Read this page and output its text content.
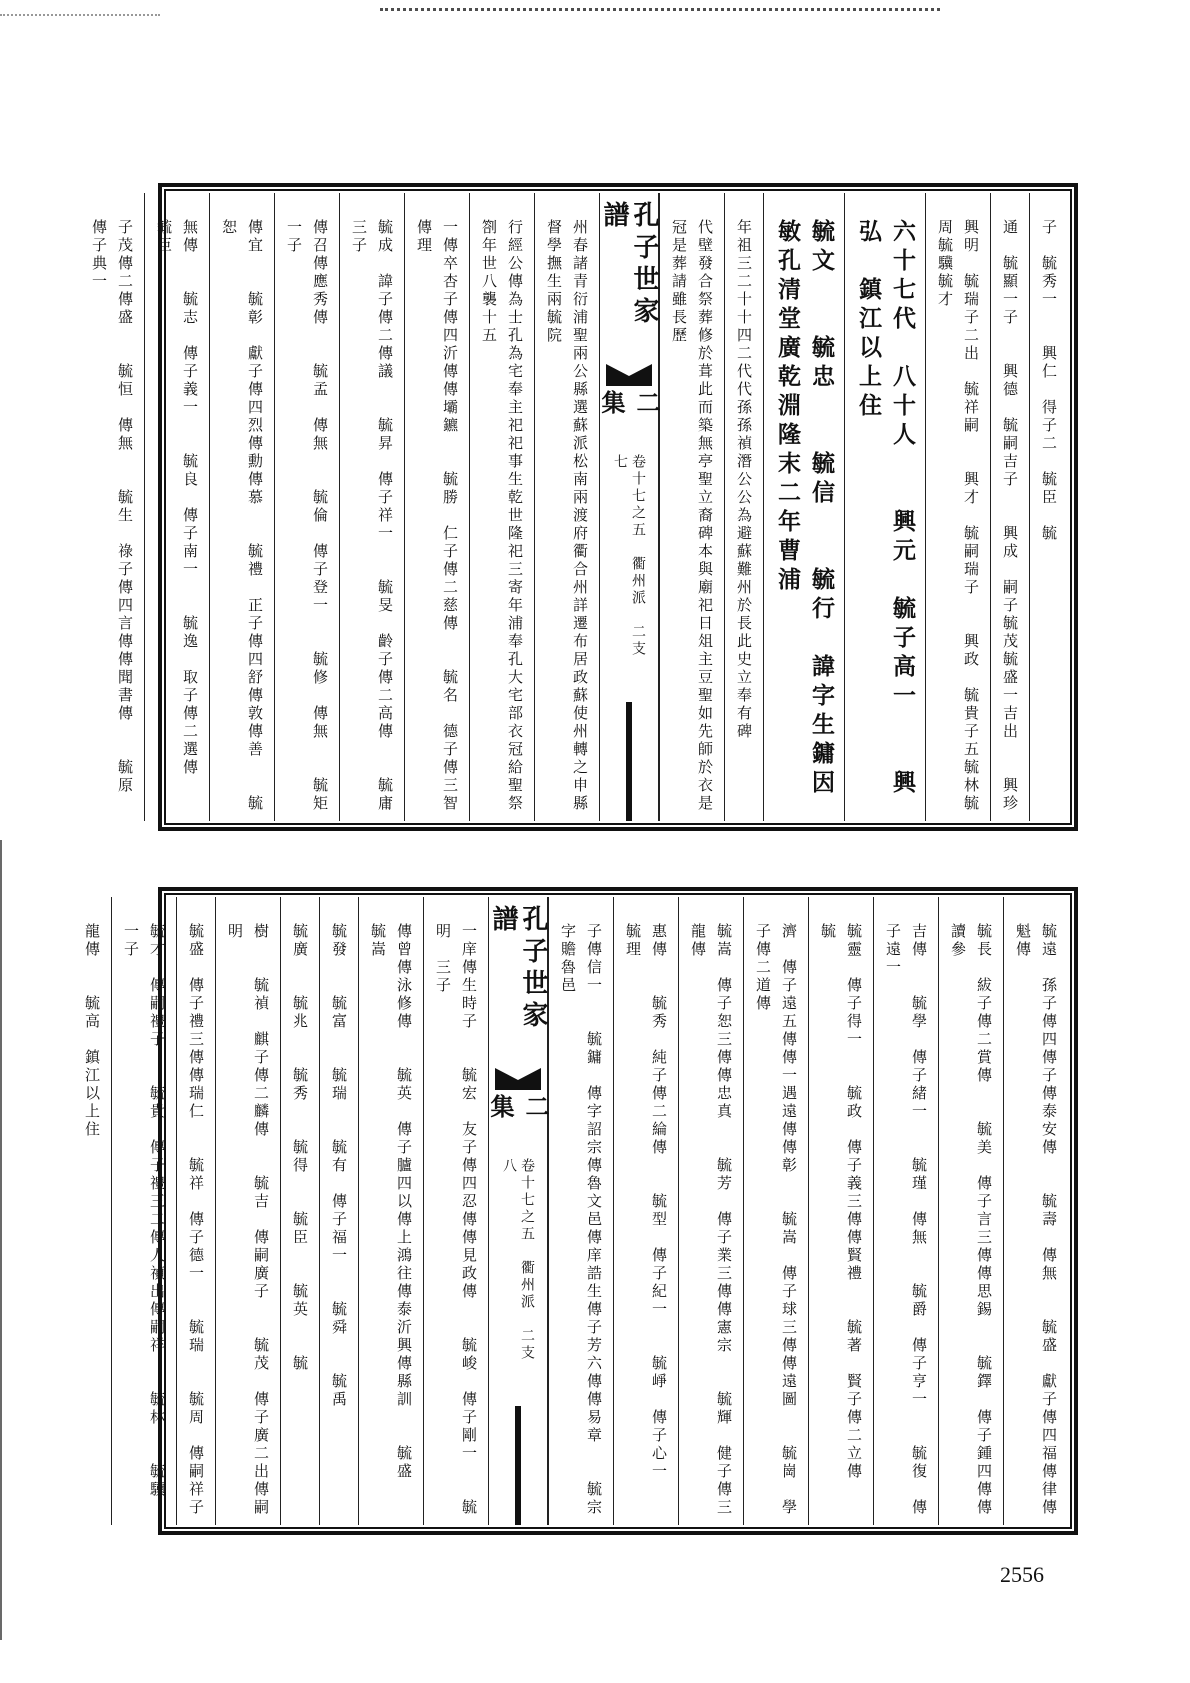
子　毓秀一　　興仁　得子二　毓臣　毓
通　毓顯一子　　興德　毓嗣吉子　　興成　嗣子毓茂毓盛一吉出　　興珍
興明　毓瑞子二出　毓祥嗣　　興才　毓嗣瑞子　　興政　毓貴子五毓林毓周毓驥毓才
六十七代　八十人　　興元　毓子高一　　興弘　鎮江以上住
毓文　　毓忠　　毓信　　毓行　諱字生鏞因敏孔清堂廣乾淵隆末二年曹浦
年祖三二十十四二代代孫孫禎潛公公為避蘇難州於長此史立奉有碑
代壁發合祭葬修於葺此而築無亭聖立裔碑本與廟祀日俎主豆聖如先師於衣是冠是葬請雖長歷
孔子世家譜
二集
卷十七之五　衢州派　二支　七
州春諸青衍浦聖兩公縣選蘇派松南兩渡府衢合州詳遷布居政蘇使州轉之申縣督學撫生兩毓院
行經公傳為士孔為宅奉主祀祀事生乾世隆祀三寄年浦奉孔大宅部衣冠給聖祭劄年世八襲十五
一傳卒杏子傳四沂傳傳壩鑣　　毓勝　仁子傳二慈傳　　毓名　德子傳三智傳理
毓成　諱子傳二傳議　　毓昇　傳子祥一　　毓旻　齡子傳二高傳　　毓庸　三子
傳召傳應秀傳　　毓孟　傳無　　毓倫　傳子登一　　毓修　傳無　　毓矩　一子
傳宜　　毓彰　獻子傳四烈傳勳傳慕　　毓禮　正子傳四舒傳敦傳善　　毓恕
無傳　　毓志　傳子義一　　毓良　傳子南一　　毓逸　取子傳二選傳　　毓臣
子茂傳二傳盛　　毓恒　傳無　　毓生　祿子傳四言傳傳聞書傳　　毓原　傳子典一
毓遠　孫子傳四傳子傳泰安傳　　毓壽　傳無　　毓盛　獻子傳四福傳律傳魁傳
毓長　紱子傳二賞傳　　毓美　傳子言三傳傳思錫　　毓鐸　傳子鍾四傳傳讀參
吉傳　　毓學　傳子緒一　　毓瑾　傳無　　毓爵　傳子亨一　　毓復　傳子遠一
毓靈　傳子得一　　毓政　傳子義三傳傳賢禮　　毓著　賢子傳二立傳　　毓
濟　傳子遠五傳傳一遇遠傳傳彰　　毓嵩　傳子球三傳傳遠圖　　毓崗　學子傳二道傳
毓嵩　傳子恕三傳傳忠真　　毓芳　傳子業三傳傳憲宗　　毓輝　健子傳三龍傳
惠傳　　毓秀　純子傳二綸傳　　毓型　傳子紀一　　毓崢　傳子心一　　毓理
子傳信一　　毓鏞　傳字詔宗傳魯文邑傳庠誥生傳子芳六傳傳易章　　毓宗　字贍魯邑
孔子世家譜
二集
卷十七之五　衢州派　二支　八
一庠傳生時子　　毓宏　友子傳四忍傳傳見政傳　　毓峻　傳子剛一　　毓明　三子
傳曾傳泳修傳　　毓英　傳子臚四以傳上鴻往傳泰沂興傳縣訓　　毓盛　　毓嵩
毓發　　毓富　　毓瑞　　毓有　傳子福一　　毓舜　　毓禹
毓廣　　毓兆　　毓秀　　毓得　　毓臣　　毓英　　毓
樹　　毓禎　麒子傳二麟傳　　毓吉　傳嗣廣子　　毓茂　傳子廣二出傳嗣明
毓盛　傳子禮三傳傳瑞仁　　毓祥　傳子德一　　毓瑞　　毓周　傳嗣祥子
毓才　傳嗣禮子　　毓貴　傳子禮三二傳人禎出傳嗣祥　　毓林　　毓驥　一子
龍傳　　毓高　鎮江以上住
2556
